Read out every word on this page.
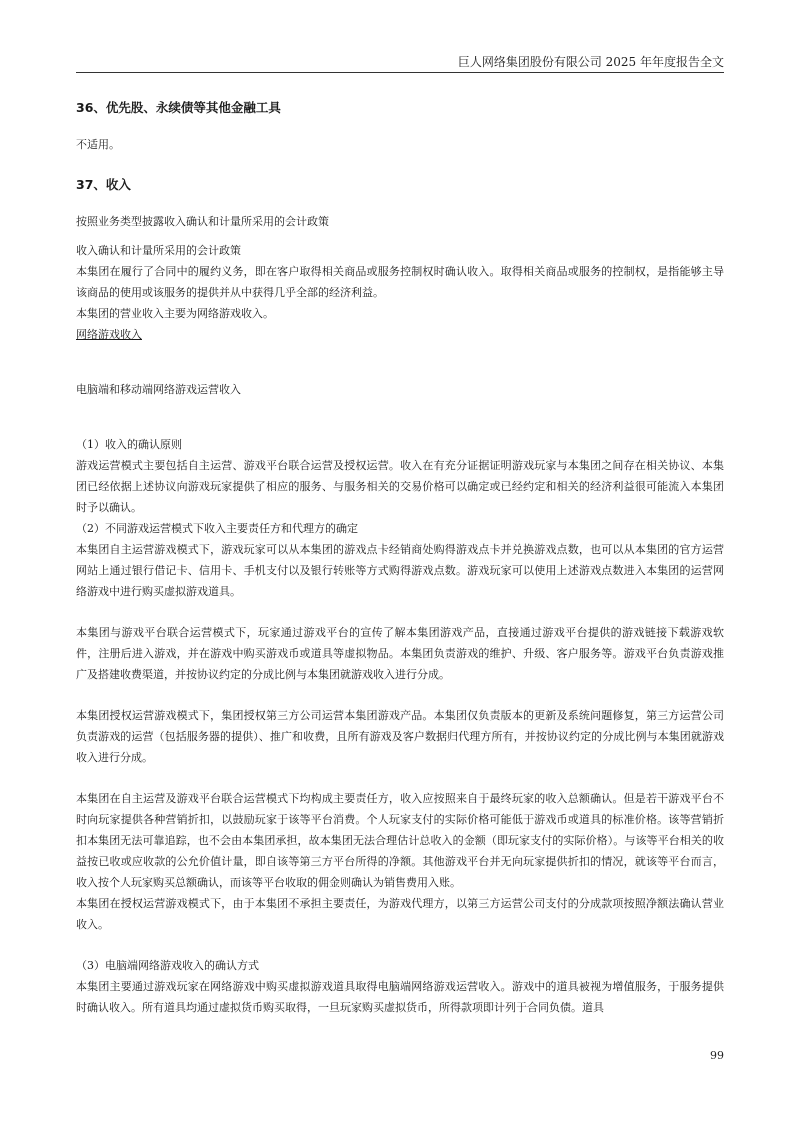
巨人网络集团股份有限公司 2025 年年度报告全文
36、优先股、永续债等其他金融工具

不适用。

37、收入

按照业务类型披露收入确认和计量所采用的会计政策

收入确认和计量所采用的会计政策

本集团在履行了合同中的履约义务，即在客户取得相关商品或服务控制权时确认收入。取得相关商品或服务的控制权，是指能够主导该商品的使用或该服务的提供并从中获得几乎全部的经济利益。

本集团的营业收入主要为网络游戏收入。

网络游戏收入

电脑端和移动端网络游戏运营收入

（1）收入的确认原则

游戏运营模式主要包括自主运营、游戏平台联合运营及授权运营。收入在有充分证据证明游戏玩家与本集团之间存在相关协议、本集团已经依据上述协议向游戏玩家提供了相应的服务、与服务相关的交易价格可以确定或已经约定和相关的经济利益很可能流入本集团时予以确认。

（2）不同游戏运营模式下收入主要责任方和代理方的确定

本集团自主运营游戏模式下，游戏玩家可以从本集团的游戏点卡经销商处购得游戏点卡并兑换游戏点数，也可以从本集团的官方运营网站上通过银行借记卡、信用卡、手机支付以及银行转账等方式购得游戏点数。游戏玩家可以使用上述游戏点数进入本集团的运营网络游戏中进行购买虚拟游戏道具。

本集团与游戏平台联合运营模式下，玩家通过游戏平台的宣传了解本集团游戏产品，直接通过游戏平台提供的游戏链接下载游戏软件，注册后进入游戏，并在游戏中购买游戏币或道具等虚拟物品。本集团负责游戏的维护、升级、客户服务等。游戏平台负责游戏推广及搭建收费渠道，并按协议约定的分成比例与本集团就游戏收入进行分成。

本集团授权运营游戏模式下，集团授权第三方公司运营本集团游戏产品。本集团仅负责版本的更新及系统问题修复，第三方运营公司负责游戏的运营（包括服务器的提供）、推广和收费，且所有游戏及客户数据归代理方所有，并按协议约定的分成比例与本集团就游戏收入进行分成。

本集团在自主运营及游戏平台联合运营模式下均构成主要责任方，收入应按照来自于最终玩家的收入总额确认。但是若干游戏平台不时向玩家提供各种营销折扣，以鼓励玩家于该等平台消费。个人玩家支付的实际价格可能低于游戏币或道具的标准价格。该等营销折扣本集团无法可靠追踪，也不会由本集团承担，故本集团无法合理估计总收入的金额（即玩家支付的实际价格）。与该等平台相关的收益按已收或应收款的公允价值计量，即自该等第三方平台所得的净额。其他游戏平台并无向玩家提供折扣的情况，就该等平台而言，收入按个人玩家购买总额确认，而该等平台收取的佣金则确认为销售费用入账。

本集团在授权运营游戏模式下，由于本集团不承担主要责任，为游戏代理方，以第三方运营公司支付的分成款项按照净额法确认营业收入。

（3）电脑端网络游戏收入的确认方式

本集团主要通过游戏玩家在网络游戏中购买虚拟游戏道具取得电脑端网络游戏运营收入。游戏中的道具被视为增值服务，于服务提供时确认收入。所有道具均通过虚拟货币购买取得，一旦玩家购买虚拟货币，所得款项即计列于合同负债。道具

99
